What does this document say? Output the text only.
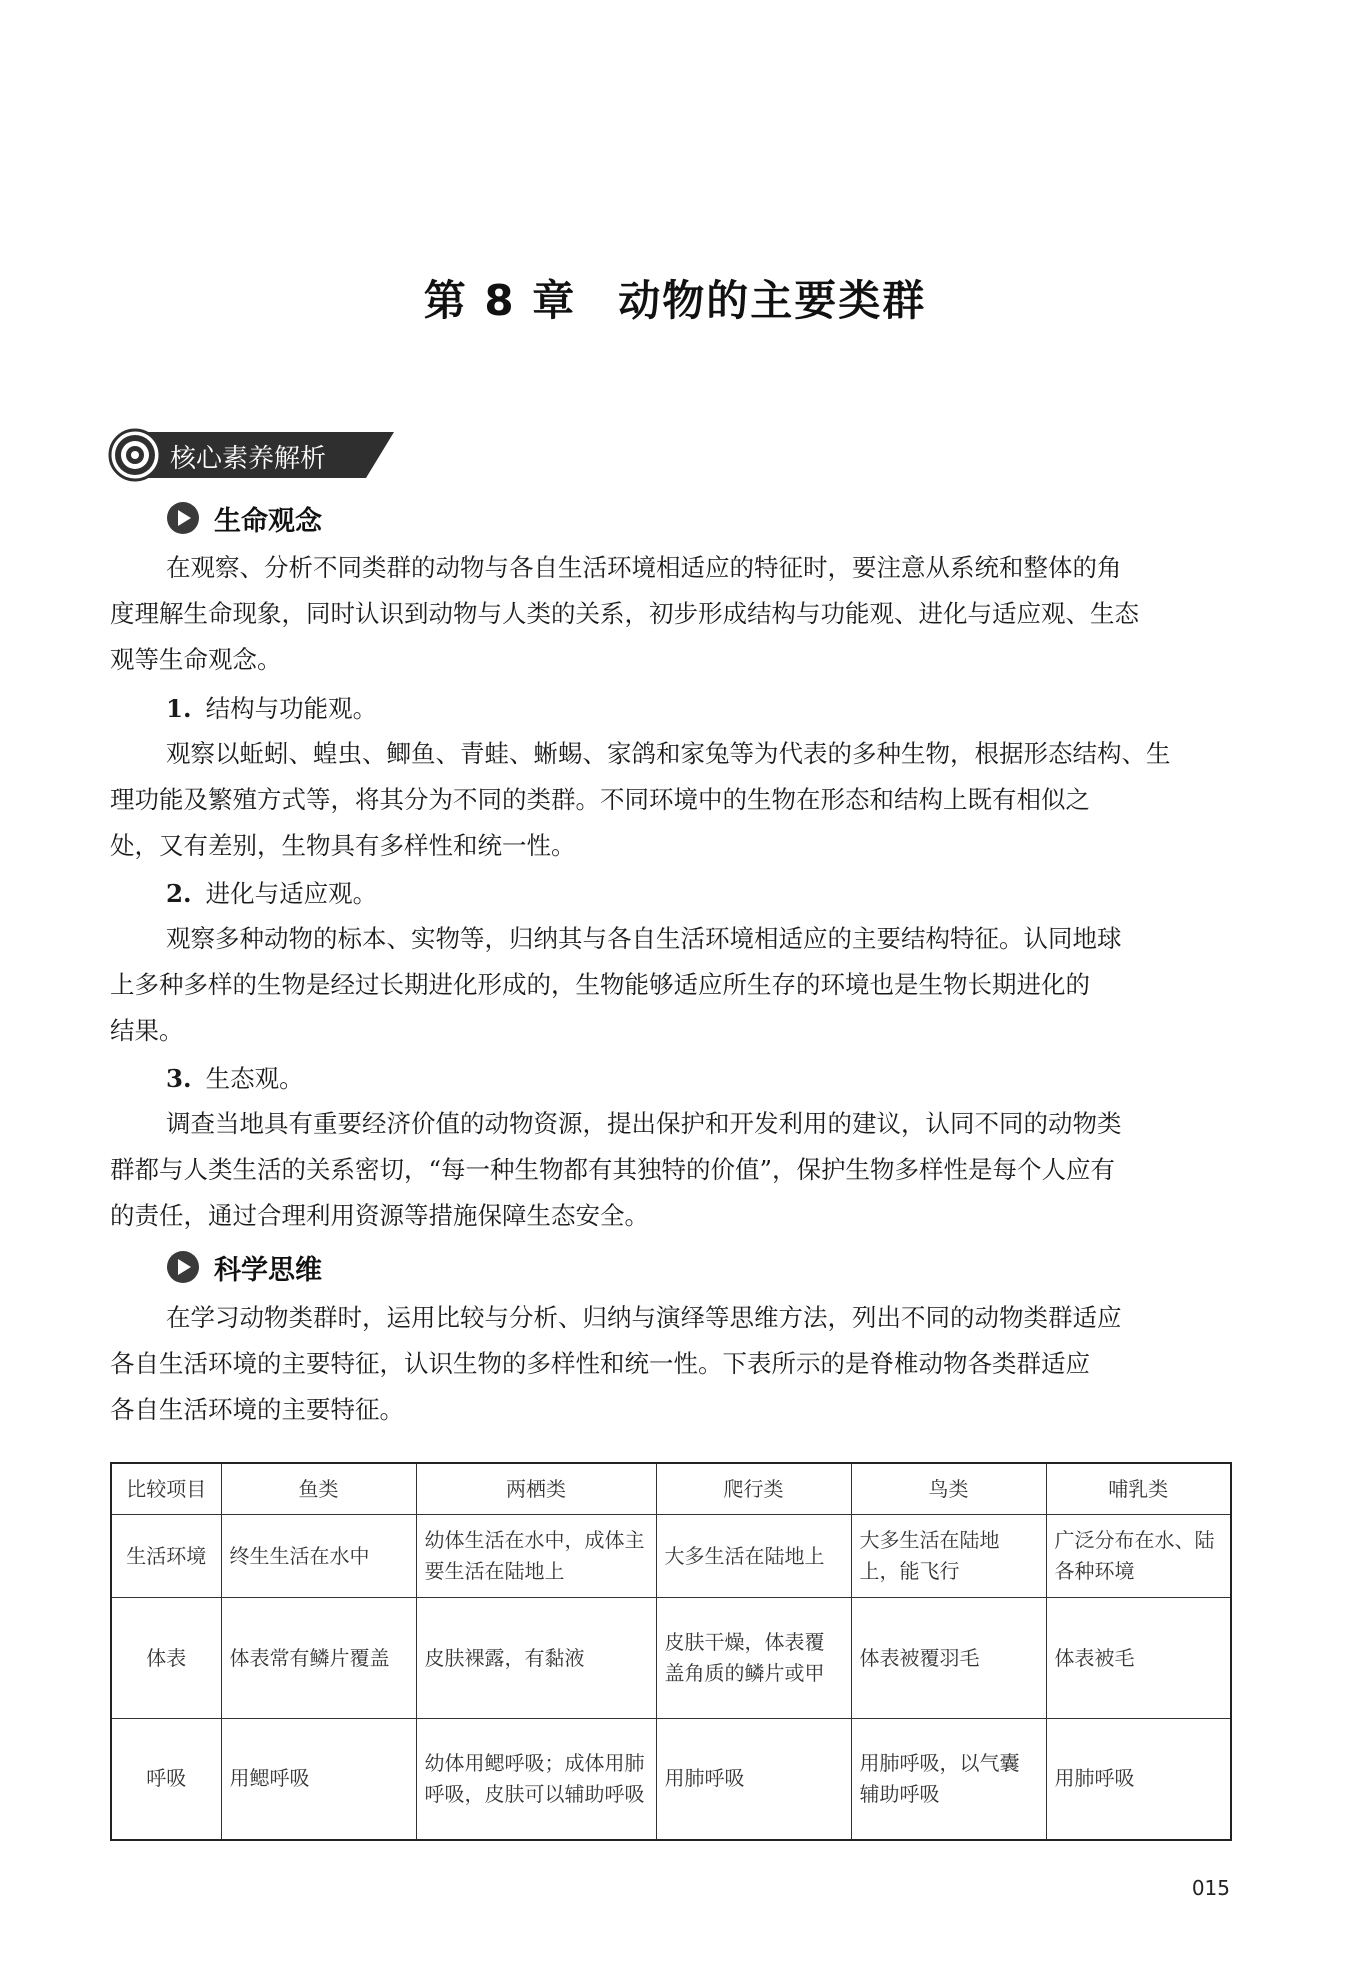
第 8 章 动物的主要类群
核心素养解析
生命观念
在观察、分析不同类群的动物与各自生活环境相适应的特征时，要注意从系统和整体的角
度理解生命现象，同时认识到动物与人类的关系，初步形成结构与功能观、进化与适应观、生态
观等生命观念。
1. 结构与功能观。
观察以蚯蚓、蝗虫、鲫鱼、青蛙、蜥蜴、家鸽和家兔等为代表的多种生物，根据形态结构、生
理功能及繁殖方式等，将其分为不同的类群。不同环境中的生物在形态和结构上既有相似之
处，又有差别，生物具有多样性和统一性。
2. 进化与适应观。
观察多种动物的标本、实物等，归纳其与各自生活环境相适应的主要结构特征。认同地球
上多种多样的生物是经过长期进化形成的，生物能够适应所生存的环境也是生物长期进化的
结果。
3. 生态观。
调查当地具有重要经济价值的动物资源，提出保护和开发利用的建议，认同不同的动物类
群都与人类生活的关系密切，“每一种生物都有其独特的价值”，保护生物多样性是每个人应有
的责任，通过合理利用资源等措施保障生态安全。
科学思维
在学习动物类群时，运用比较与分析、归纳与演绎等思维方法，列出不同的动物类群适应
各自生活环境的主要特征，认识生物的多样性和统一性。下表所示的是脊椎动物各类群适应
各自生活环境的主要特征。
比较项目	鱼类	两栖类	爬行类	鸟类	哺乳类
生活环境	终生生活在水中	幼体生活在水中，成体主要生活在陆地上	大多生活在陆地上	大多生活在陆地上，能飞行	广泛分布在水、陆各种环境
体表	体表常有鳞片覆盖	皮肤裸露，有黏液	皮肤干燥，体表覆盖角质的鳞片或甲	体表被覆羽毛	体表被毛
呼吸	用鳃呼吸	幼体用鳃呼吸；成体用肺呼吸，皮肤可以辅助呼吸	用肺呼吸	用肺呼吸，以气囊辅助呼吸	用肺呼吸
015
